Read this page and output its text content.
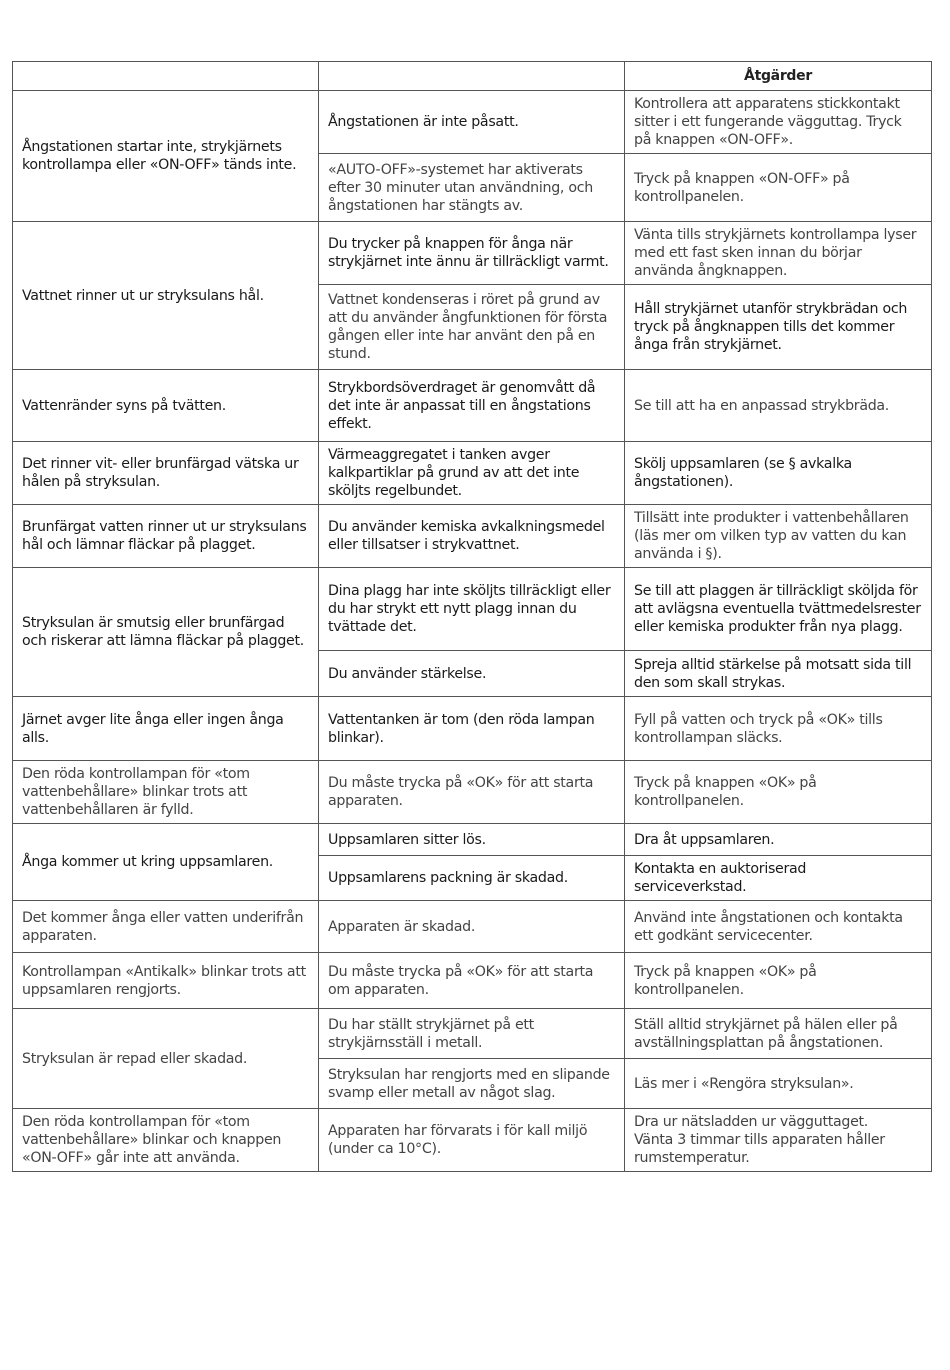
		Åtgärder
Ångstationen startar inte, strykjärnets kontrollampa eller «ON-OFF» tänds inte.	Ångstationen är inte påsatt.	Kontrollera att apparatens stickkontakt sitter i ett fungerande vägguttag. Tryck på knappen «ON-OFF».
	«AUTO-OFF»-systemet har aktiverats efter 30 minuter utan användning, och ångstationen har stängts av.	Tryck på knappen «ON-OFF» på kontrollpanelen.
Vattnet rinner ut ur stryksulans hål.	Du trycker på knappen för ånga när strykjärnet inte ännu är tillräckligt varmt.	Vänta tills strykjärnets kontrollampa lyser med ett fast sken innan du börjar använda ångknappen.
	Vattnet kondenseras i röret på grund av att du använder ångfunktionen för första gången eller inte har använt den på en stund.	Håll strykjärnet utanför strykbrädan och tryck på ångknappen tills det kommer ånga från strykjärnet.
Vattenränder syns på tvätten.	Strykbordsöverdraget är genomvått då det inte är anpassat till en ångstations effekt.	Se till att ha en anpassad strykbräda.
Det rinner vit- eller brunfärgad vätska ur hålen på stryksulan.	Värmeaggregatet i tanken avger kalkpartiklar på grund av att det inte sköljts regelbundet.	Skölj uppsamlaren (se § avkalka ångstationen).
Brunfärgat vatten rinner ut ur stryksulans hål och lämnar fläckar på plagget.	Du använder kemiska avkalkningsmedel eller tillsatser i strykvattnet.	Tillsätt inte produkter i vattenbehållaren (läs mer om vilken typ av vatten du kan använda i §).
Stryksulan är smutsig eller brunfärgad och riskerar att lämna fläckar på plagget.	Dina plagg har inte sköljts tillräckligt eller du har strykt ett nytt plagg innan du tvättade det.	Se till att plaggen är tillräckligt sköljda för att avlägsna eventuella tvättmedelsrester eller kemiska produkter från nya plagg.
	Du använder stärkelse.	Spreja alltid stärkelse på motsatt sida till den som skall strykas.
Järnet avger lite ånga eller ingen ånga alls.	Vattentanken är tom (den röda lampan blinkar).	Fyll på vatten och tryck på «OK» tills kontrollampan släcks.
Den röda kontrollampan för «tom vattenbehållare» blinkar trots att vattenbehållaren är fylld.	Du måste trycka på «OK» för att starta apparaten.	Tryck på knappen «OK» på kontrollpanelen.
Ånga kommer ut kring uppsamlaren.	Uppsamlaren sitter lös.	Dra åt uppsamlaren.
	Uppsamlarens packning är skadad.	Kontakta en auktoriserad serviceverkstad.
Det kommer ånga eller vatten underifrån apparaten.	Apparaten är skadad.	Använd inte ångstationen och kontakta ett godkänt servicecenter.
Kontrollampan «Antikalk» blinkar trots att uppsamlaren rengjorts.	Du måste trycka på «OK» för att starta om apparaten.	Tryck på knappen «OK» på kontrollpanelen.
Stryksulan är repad eller skadad.	Du har ställt strykjärnet på ett strykjärnsställ i metall.	Ställ alltid strykjärnet på hälen eller på avställningsplattan på ångstationen.
	Stryksulan har rengjorts med en slipande svamp eller metall av något slag.	Läs mer i «Rengöra stryksulan».
Den röda kontrollampan för «tom vattenbehållare» blinkar och knappen «ON-OFF» går inte att använda.	Apparaten har förvarats i för kall miljö (under ca 10°C).	Dra ur nätsladden ur vägguttaget.
Vänta 3 timmar tills apparaten håller rumstemperatur.
